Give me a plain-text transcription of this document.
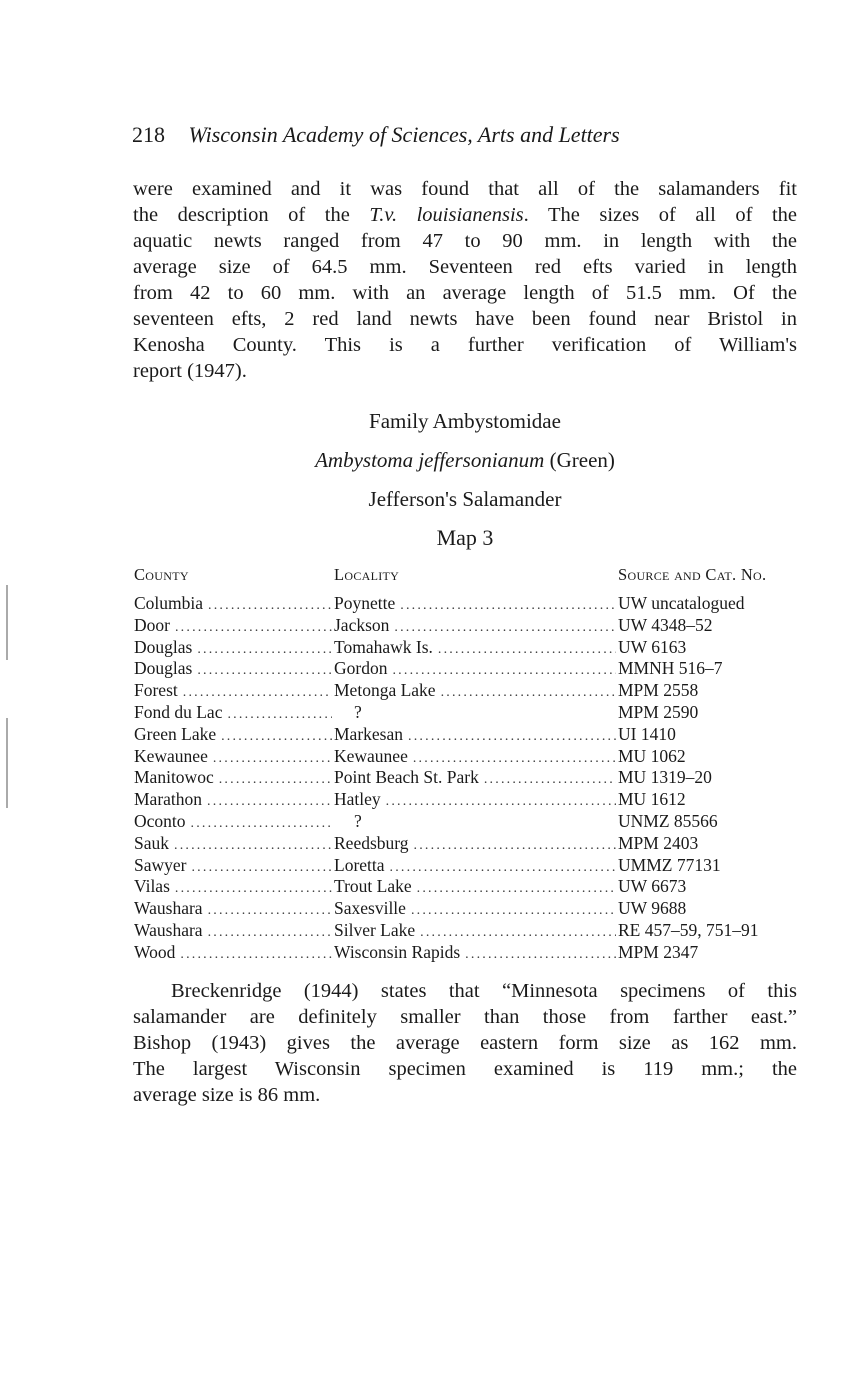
218 Wisconsin Academy of Sciences, Arts and Letters
were examined and it was found that all of the salamanders fit
the description of the T.v. louisianensis. The sizes of all of the
aquatic newts ranged from 47 to 90 mm. in length with the
average size of 64.5 mm. Seventeen red efts varied in length
from 42 to 60 mm. with an average length of 51.5 mm. Of the
seventeen efts, 2 red land newts have been found near Bristol in
Kenosha County. This is a further verification of William's
report (1947).
Family Ambystomidae
Ambystoma jeffersonianum (Green)
Jefferson's Salamander
Map 3
County	Locality	Source and Cat. No.
Columbia .....	Poynette .....	UW uncatalogued
Door .....	Jackson .....	UW 4348–52
Douglas .....	Tomahawk Is. .....	UW 6163
Douglas .....	Gordon .....	MMNH 516–7
Forest .....	Metonga Lake .....	MPM 2558
Fond du Lac .....	?	MPM 2590
Green Lake .....	Markesan .....	UI 1410
Kewaunee .....	Kewaunee .....	MU 1062
Manitowoc .....	Point Beach St. Park .....	MU 1319–20
Marathon .....	Hatley .....	MU 1612
Oconto .....	?	UNMZ 85566
Sauk .....	Reedsburg .....	MPM 2403
Sawyer .....	Loretta .....	UMMZ 77131
Vilas .....	Trout Lake .....	UW 6673
Waushara .....	Saxesville .....	UW 9688
Waushara .....	Silver Lake .....	RE 457–59, 751–91
Wood .....	Wisconsin Rapids .....	MPM 2347
Breckenridge (1944) states that “Minnesota specimens of this
salamander are definitely smaller than those from farther east.”
Bishop (1943) gives the average eastern form size as 162 mm.
The largest Wisconsin specimen examined is 119 mm.; the
average size is 86 mm.
